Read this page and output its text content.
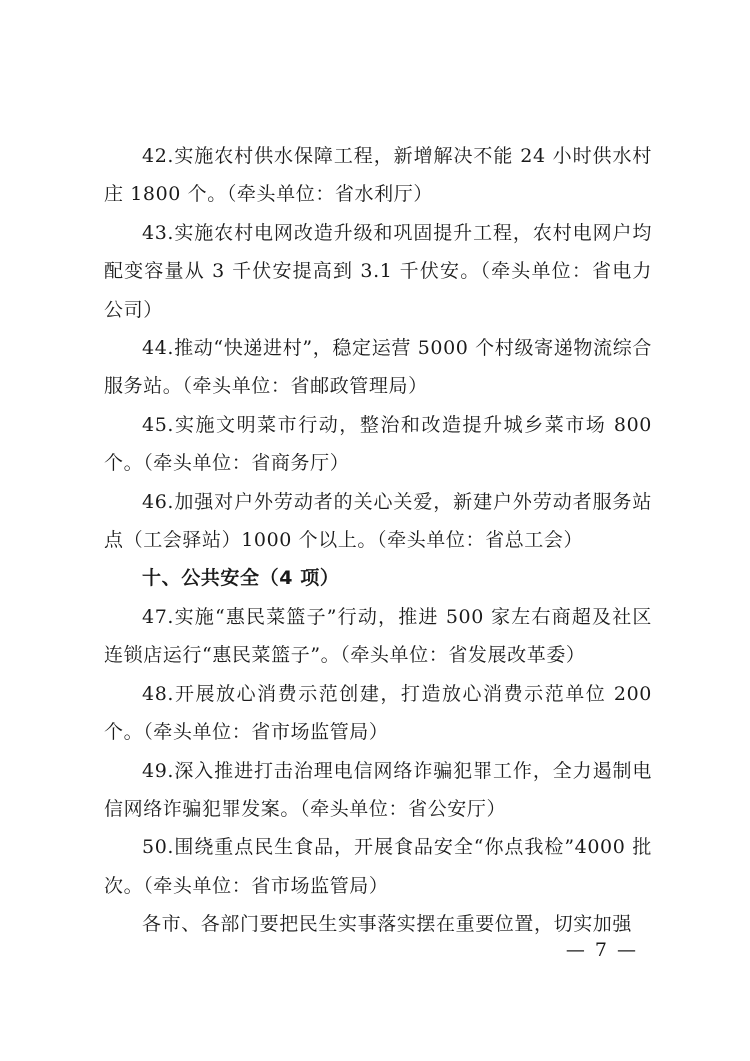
42.实施农村供水保障工程，新增解决不能 24 小时供水村庄 1800 个。（牵头单位：省水利厅）

43.实施农村电网改造升级和巩固提升工程，农村电网户均配变容量从 3 千伏安提高到 3.1 千伏安。（牵头单位：省电力公司）

44.推动“快递进村”，稳定运营 5000 个村级寄递物流综合服务站。（牵头单位：省邮政管理局）

45.实施文明菜市行动，整治和改造提升城乡菜市场 800 个。（牵头单位：省商务厅）

46.加强对户外劳动者的关心关爱，新建户外劳动者服务站点（工会驿站）1000 个以上。（牵头单位：省总工会）

十、公共安全（4 项）

47.实施“惠民菜篮子”行动，推进 500 家左右商超及社区连锁店运行“惠民菜篮子”。（牵头单位：省发展改革委）

48.开展放心消费示范创建，打造放心消费示范单位 200 个。（牵头单位：省市场监管局）

49.深入推进打击治理电信网络诈骗犯罪工作，全力遏制电信网络诈骗犯罪发案。（牵头单位：省公安厅）

50.围绕重点民生食品，开展食品安全“你点我检”4000 批次。（牵头单位：省市场监管局）

各市、各部门要把民生实事落实摆在重要位置，切实加强

— 7 —
